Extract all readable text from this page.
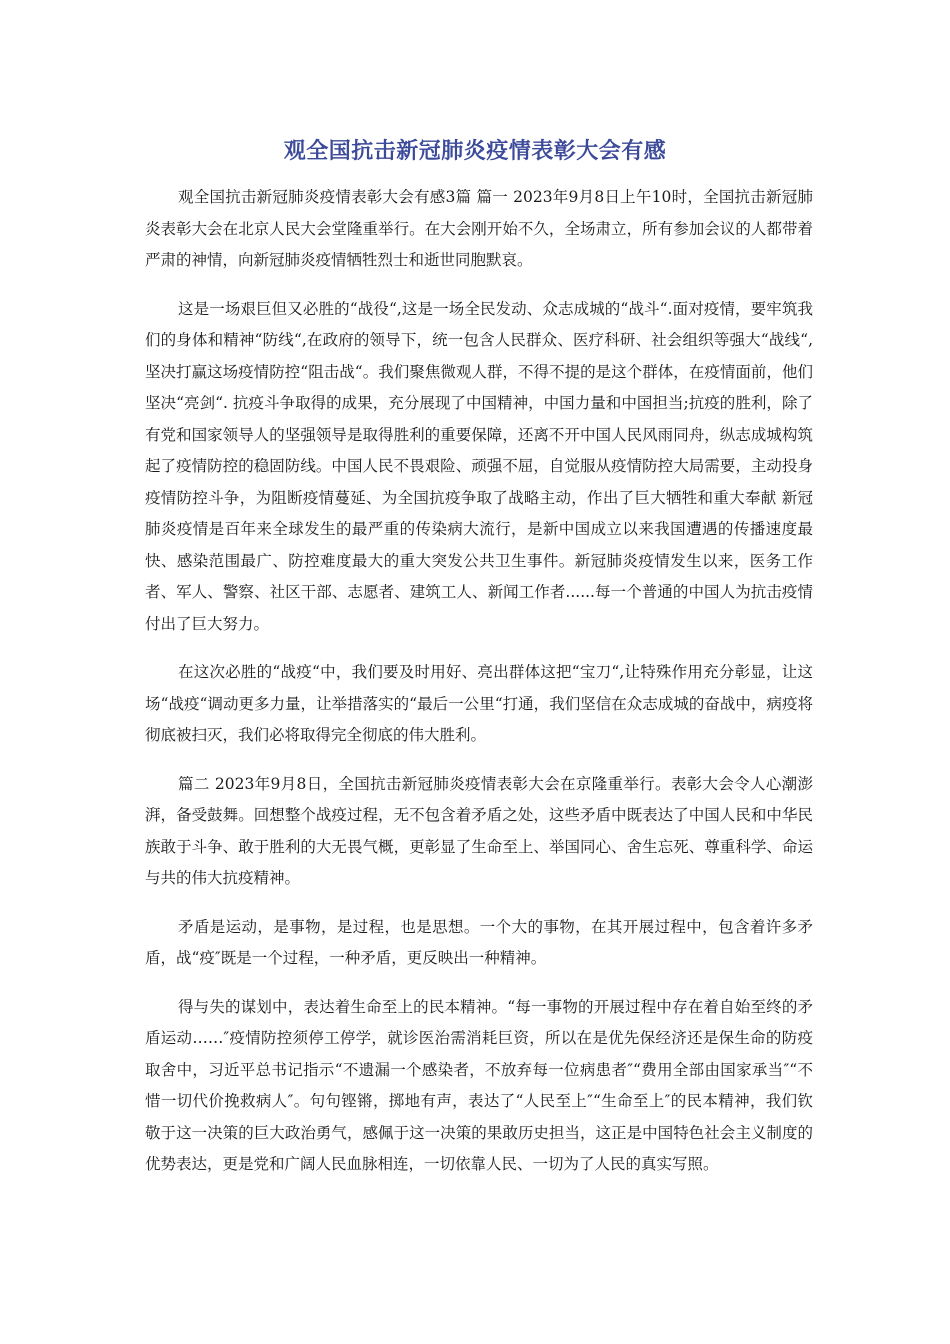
观全国抗击新冠肺炎疫情表彰大会有感

观全国抗击新冠肺炎疫情表彰大会有感3篇 篇一 2023年9月8日上午10时，全国抗击新冠肺炎表彰大会在北京人民大会堂隆重举行。在大会刚开始不久，全场肃立，所有参加会议的人都带着严肃的神情，向新冠肺炎疫情牺牲烈士和逝世同胞默哀。

这是一场艰巨但又必胜的“战役“,这是一场全民发动、众志成城的“战斗“.面对疫情，要牢筑我们的身体和精神“防线“,在政府的领导下，统一包含人民群众、医疗科研、社会组织等强大“战线“,坚决打赢这场疫情防控“阻击战“。我们聚焦微观人群，不得不提的是这个群体，在疫情面前，他们坚决“亮剑“. 抗疫斗争取得的成果，充分展现了中国精神，中国力量和中国担当;抗疫的胜利，除了有党和国家领导人的坚强领导是取得胜利的重要保障，还离不开中国人民风雨同舟，纵志成城构筑起了疫情防控的稳固防线。中国人民不畏艰险、顽强不屈，自觉服从疫情防控大局需要，主动投身疫情防控斗争，为阻断疫情蔓延、为全国抗疫争取了战略主动，作出了巨大牺牲和重大奉献 新冠肺炎疫情是百年来全球发生的最严重的传染病大流行，是新中国成立以来我国遭遇的传播速度最快、感染范围最广、防控难度最大的重大突发公共卫生事件。新冠肺炎疫情发生以来，医务工作者、军人、警察、社区干部、志愿者、建筑工人、新闻工作者......每一个普通的中国人为抗击疫情付出了巨大努力。

在这次必胜的“战疫“中，我们要及时用好、亮出群体这把“宝刀“,让特殊作用充分彰显，让这场“战疫“调动更多力量，让举措落实的“最后一公里“打通，我们坚信在众志成城的奋战中，病疫将彻底被扫灭，我们必将取得完全彻底的伟大胜利。

篇二 2023年9月8日，全国抗击新冠肺炎疫情表彰大会在京隆重举行。表彰大会令人心潮澎湃，备受鼓舞。回想整个战疫过程，无不包含着矛盾之处，这些矛盾中既表达了中国人民和中华民族敢于斗争、敢于胜利的大无畏气概，更彰显了生命至上、举国同心、舍生忘死、尊重科学、命运与共的伟大抗疫精神。

矛盾是运动，是事物，是过程，也是思想。一个大的事物，在其开展过程中，包含着许多矛盾，战“疫″既是一个过程，一种矛盾，更反映出一种精神。

得与失的谋划中，表达着生命至上的民本精神。“每一事物的开展过程中存在着自始至终的矛盾运动……″疫情防控须停工停学，就诊医治需消耗巨资，所以在是优先保经济还是保生命的防疫取舍中，习近平总书记指示“不遗漏一个感染者，不放弃每一位病患者″“费用全部由国家承当″“不惜一切代价挽救病人″。句句铿锵，掷地有声，表达了“人民至上″“生命至上″的民本精神，我们钦敬于这一决策的巨大政治勇气，感佩于这一决策的果敢历史担当，这正是中国特色社会主义制度的优势表达，更是党和广阔人民血脉相连，一切依靠人民、一切为了人民的真实写照。
